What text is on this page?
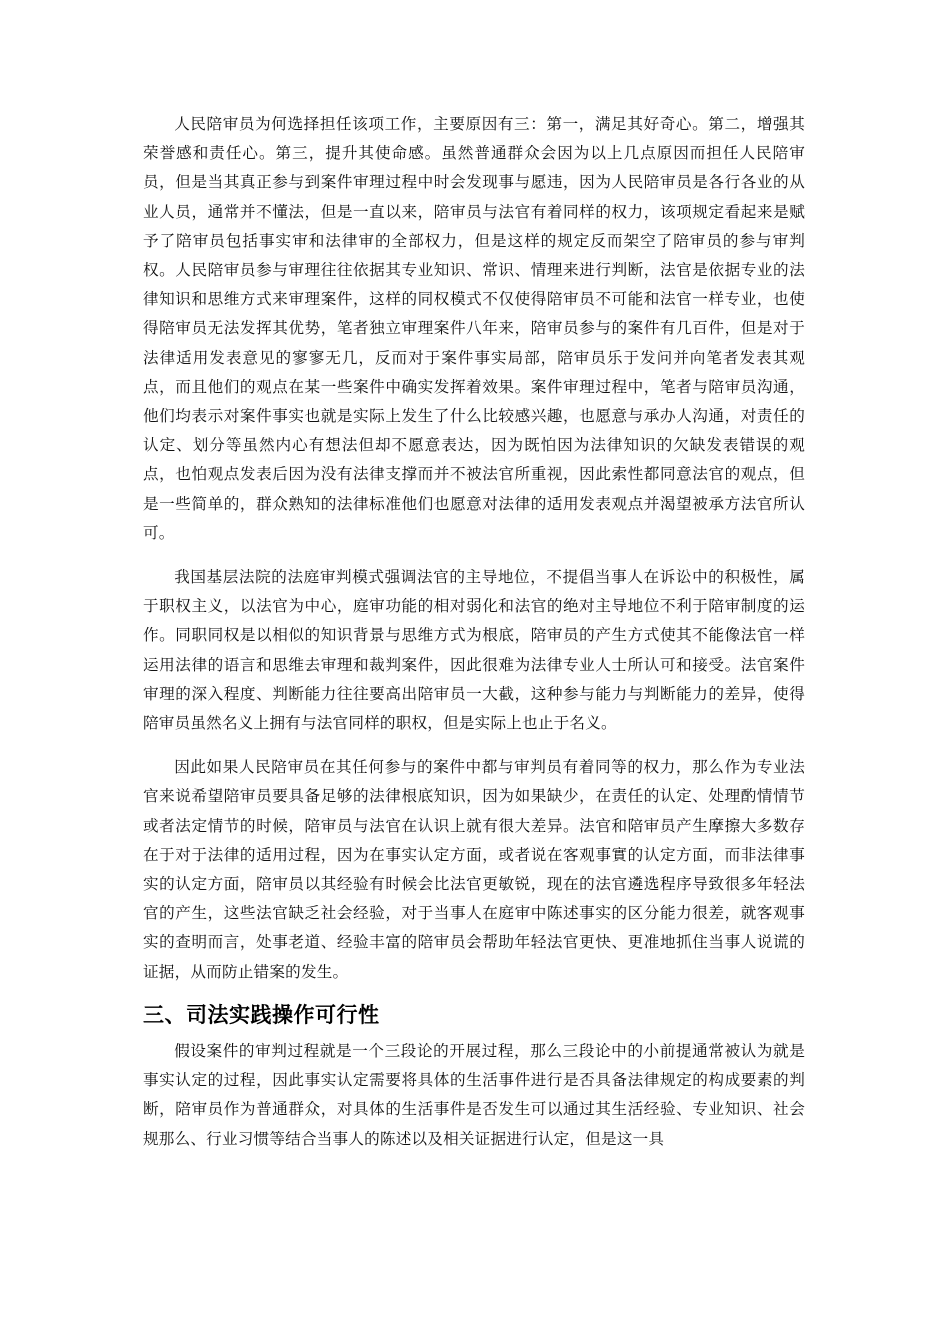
人民陪审员为何选择担任该项工作，主要原因有三：第一，满足其好奇心。第二，增强其荣誉感和责任心。第三，提升其使命感。虽然普通群众会因为以上几点原因而担任人民陪审员，但是当其真正参与到案件审理过程中时会发现事与愿违，因为人民陪审员是各行各业的从业人员，通常并不懂法，但是一直以来，陪审员与法官有着同样的权力，该项规定看起来是赋予了陪审员包括事实审和法律审的全部权力，但是这样的规定反而架空了陪审员的参与审判权。人民陪审员参与审理往往依据其专业知识、常识、情理来进行判断，法官是依据专业的法律知识和思维方式来审理案件，这样的同权模式不仅使得陪审员不可能和法官一样专业，也使得陪审员无法发挥其优势，笔者独立审理案件八年来，陪审员参与的案件有几百件，但是对于法律适用发表意见的寥寥无几，反而对于案件事实局部，陪审员乐于发问并向笔者发表其观点，而且他们的观点在某一些案件中确实发挥着效果。案件审理过程中，笔者与陪审员沟通，他们均表示对案件事实也就是实际上发生了什么比较感兴趣，也愿意与承办人沟通，对责任的认定、划分等虽然内心有想法但却不愿意表达，因为既怕因为法律知识的欠缺发表错误的观点，也怕观点发表后因为没有法律支撑而并不被法官所重视，因此索性都同意法官的观点，但是一些简单的，群众熟知的法律标准他们也愿意对法律的适用发表观点并渴望被承方法官所认可。

我国基层法院的法庭审判模式强调法官的主导地位，不提倡当事人在诉讼中的积极性，属于职权主义，以法官为中心，庭审功能的相对弱化和法官的绝对主导地位不利于陪审制度的运作。同职同权是以相似的知识背景与思维方式为根底，陪审员的产生方式使其不能像法官一样运用法律的语言和思维去审理和裁判案件，因此很难为法律专业人士所认可和接受。法官案件审理的深入程度、判断能力往往要高出陪审员一大截，这种参与能力与判断能力的差异，使得陪审员虽然名义上拥有与法官同样的职权，但是实际上也止于名义。

因此如果人民陪审员在其任何参与的案件中都与审判员有着同等的权力，那么作为专业法官来说希望陪审员要具备足够的法律根底知识，因为如果缺少，在责任的认定、处理酌情情节或者法定情节的时候，陪审员与法官在认识上就有很大差异。法官和陪审员产生摩擦大多数存在于对于法律的适用过程，因为在事实认定方面，或者说在客观事實的认定方面，而非法律事实的认定方面，陪审员以其经验有时候会比法官更敏锐，现在的法官遴选程序导致很多年轻法官的产生，这些法官缺乏社会经验，对于当事人在庭审中陈述事实的区分能力很差，就客观事实的查明而言，处事老道、经验丰富的陪审员会帮助年轻法官更快、更准地抓住当事人说谎的证据，从而防止错案的发生。

三、司法实践操作可行性

假设案件的审判过程就是一个三段论的开展过程，那么三段论中的小前提通常被认为就是事实认定的过程，因此事实认定需要将具体的生活事件进行是否具备法律规定的构成要素的判断，陪审员作为普通群众，对具体的生活事件是否发生可以通过其生活经验、专业知识、社会规那么、行业习惯等结合当事人的陈述以及相关证据进行认定，但是这一具
